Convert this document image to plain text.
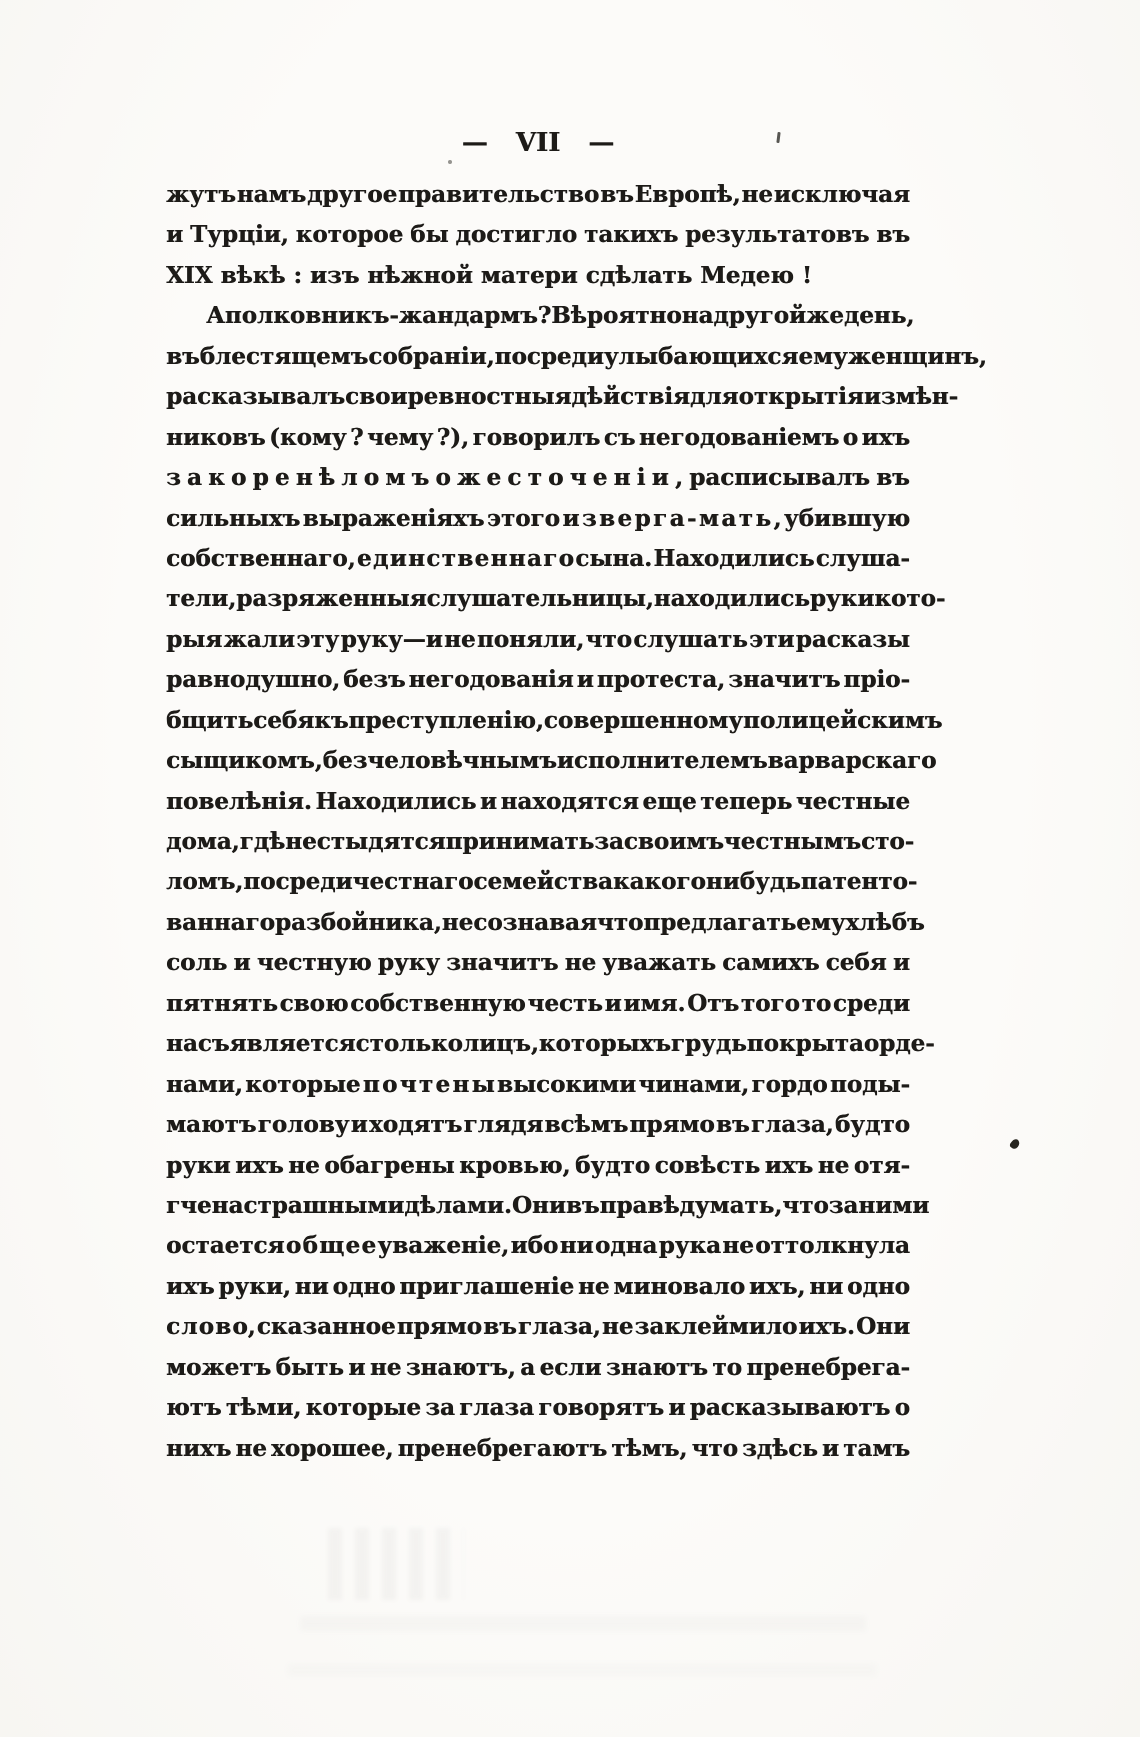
— VII —
жутъ намъ другое правительство въ Европѣ, не исключая
и Турціи, которое бы достигло такихъ результатовъ въ
XIX вѣкѣ : изъ нѣжной матери сдѣлать Медею !
А полковникъ-жандармъ ? Вѣроятно на другой же день,
въ блестящемъ собраніи, посреди улыбающихся ему женщинъ,
расказывалъ свои ревностныя дѣйствія для открытія измѣн-
никовъ (кому ? чему ?), говорилъ съ негодованіемъ о ихъ
з а к о р е н ѣ л о м ъ о ж е с т о ч е н і и , расписывалъ въ
сильныхъ выраженіяхъ этого и з в е р г а - м а т ь , убившую
собственнаго, е д и н с т в е н н а г о сына. Находились слуша-
тели, разряженныя слушательницы, находились руки кото-
рыя жали эту руку—и не поняли, что слушать эти расказы
равнодушно, безъ негодованія и протеста, значитъ пріо-
бщить себя къ преступленію, совершенному полицейскимъ
сыщикомъ, безчеловѣчнымъ исполнителемъ варварскаго
повелѣнія. Находились и находятся еще теперь честные
дома, гдѣ не стыдятся принимать за своимъ честнымъ сто-
ломъ, посреди честнаго семейства какого нибудь патенто-
ваннаго разбойника, не сознавая что предлагать ему хлѣбъ
соль и честную руку значитъ не уважать самихъ себя и
пятнять свою собственную честь и имя. Отъ того то среди
насъ является столько лицъ, которыхъ грудь покрыта орде-
нами, которые п о ч т е н ы высокими чинами, гордо поды-
маютъ голову и ходятъ глядя всѣмъ прямо въ глаза, будто
руки ихъ не обагрены кровью, будто совѣсть ихъ не отя-
гчена страшными дѣлами. Они въ правѣ думать, что за ними
остается о б щ е е уваженіе, ибо ни одна рука не оттолкнула
ихъ руки, ни одно приглашеніе не миновало ихъ, ни одно
с л о в о, сказанное прямо въ глаза, не заклеймило ихъ. Они
можетъ быть и не знаютъ, а если знаютъ то пренебрега-
ютъ тѣми, которые за глаза говорятъ и расказываютъ о
нихъ не хорошее, пренебрегаютъ тѣмъ, что здѣсь и тамъ
